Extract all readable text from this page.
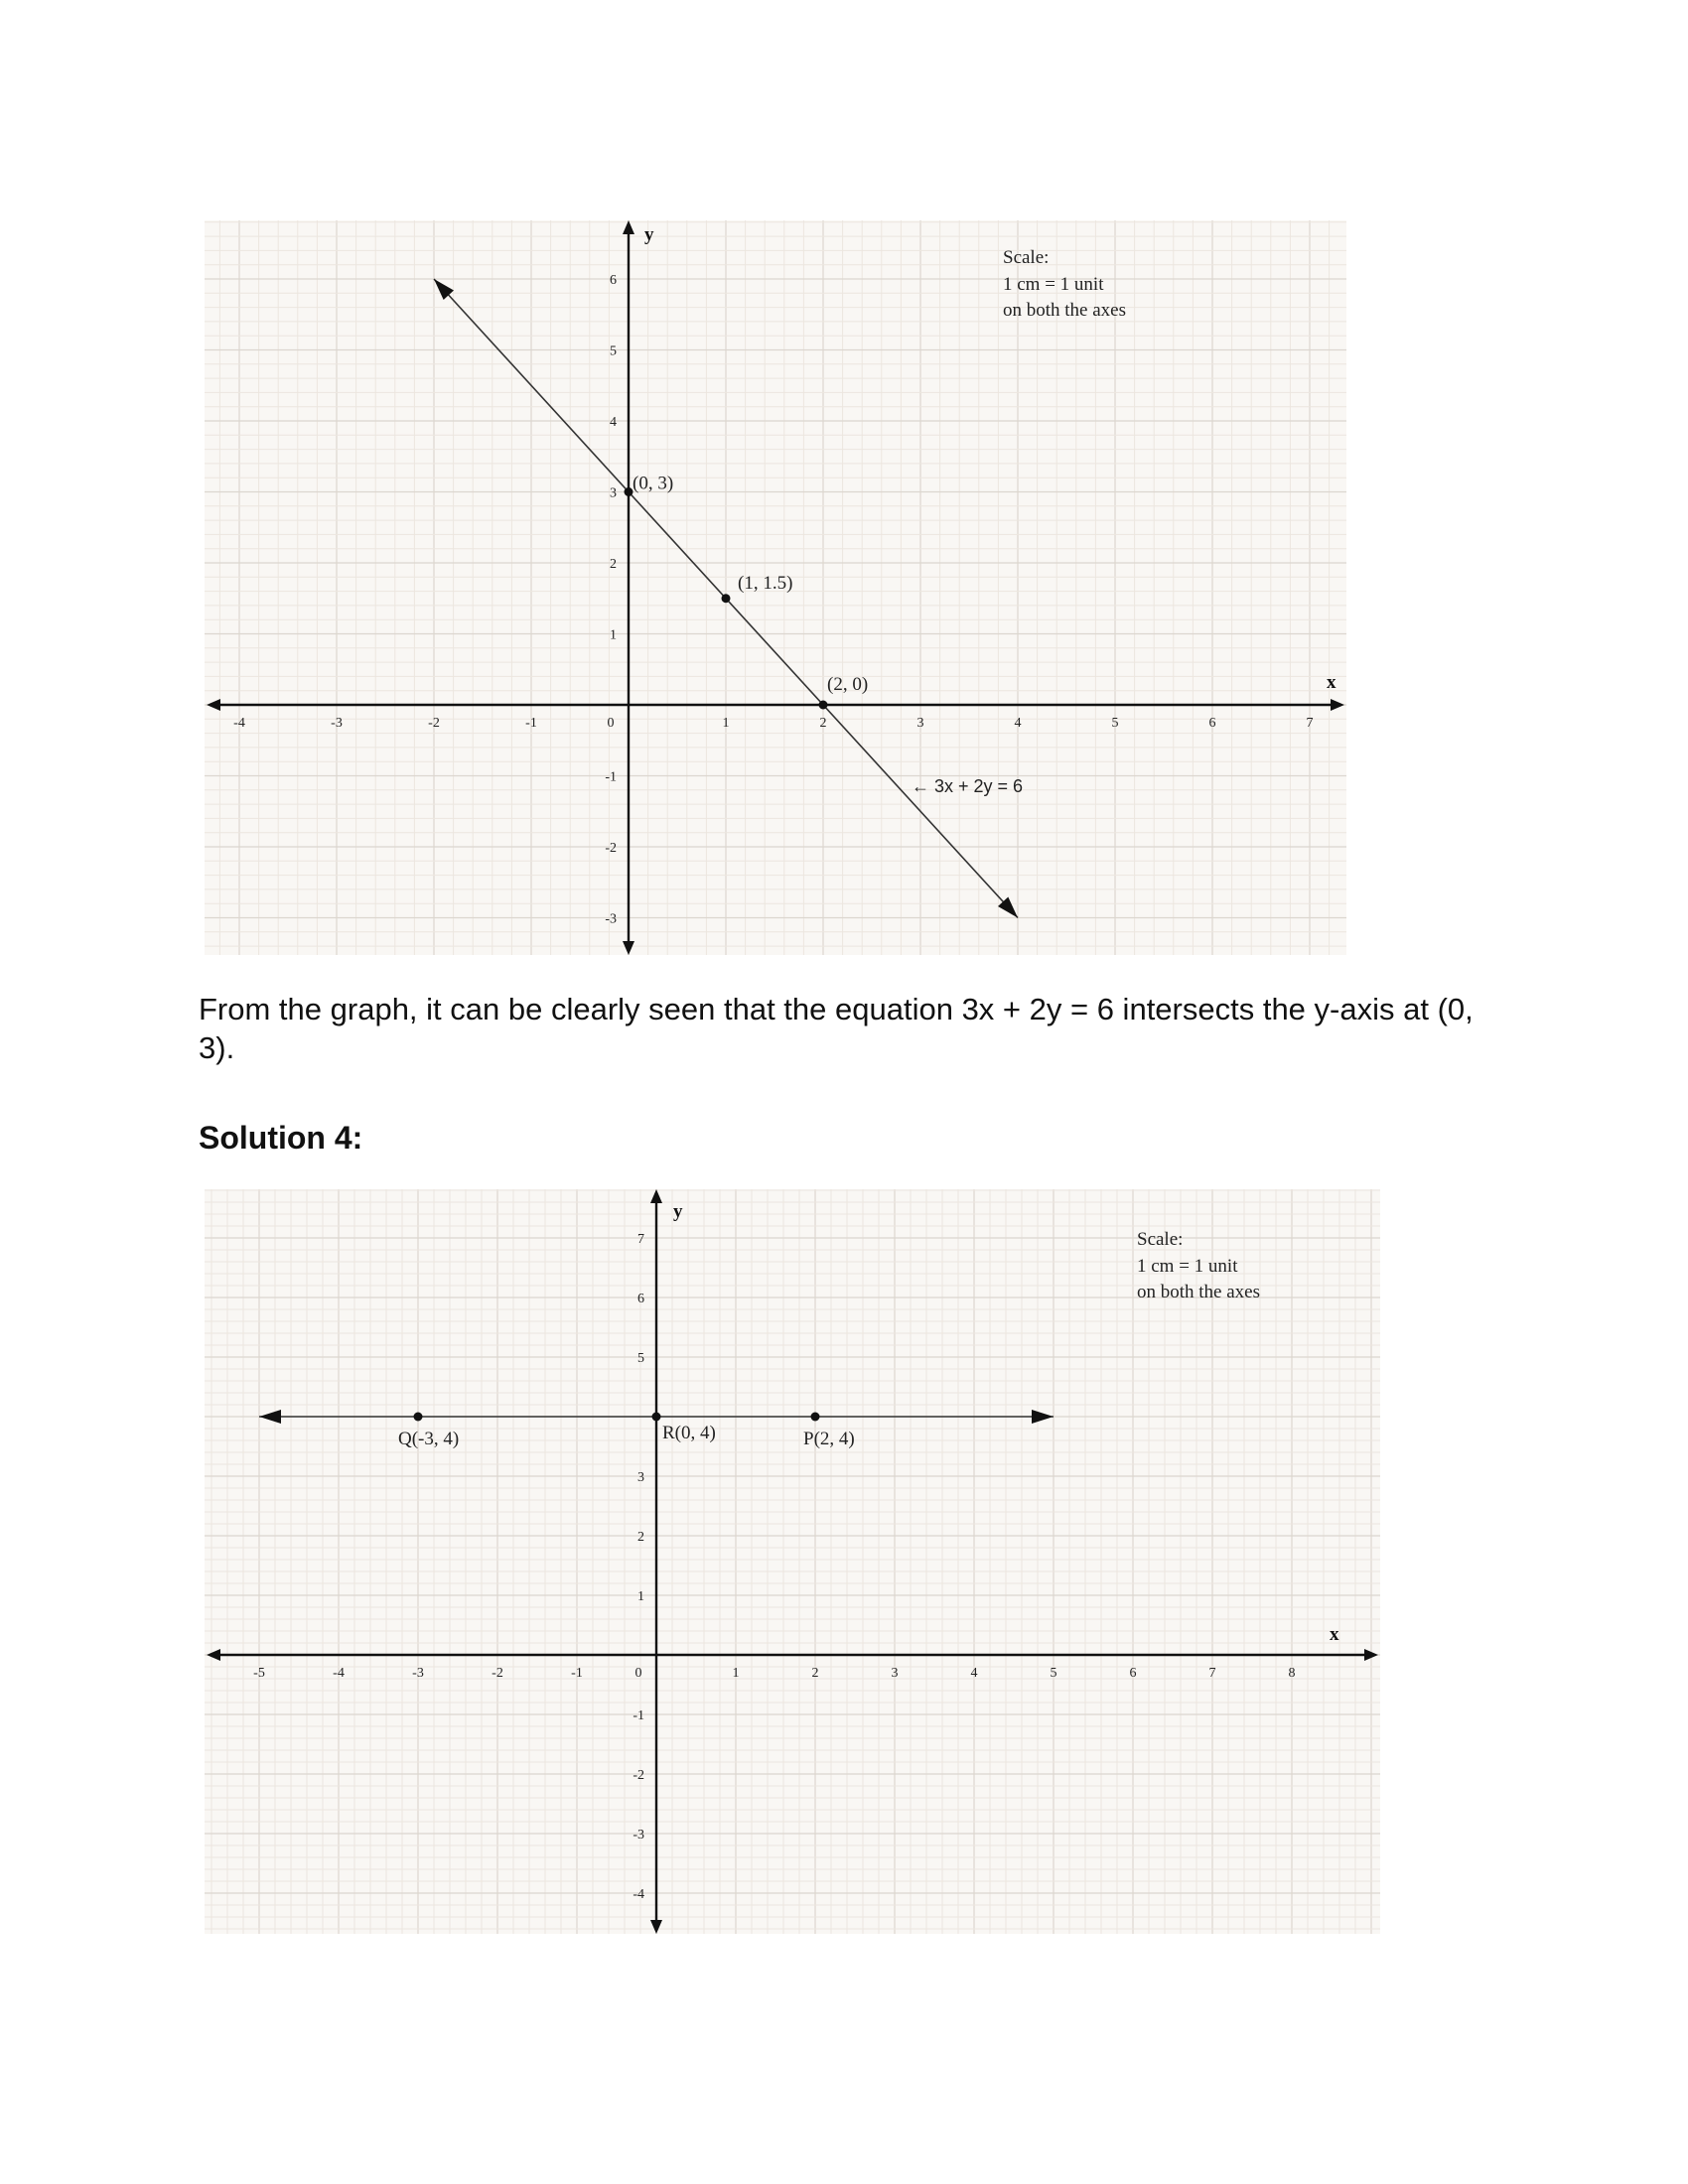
-4	-3	-2	-1	0	1	2	3	4	5	6	7
6
5
4
3
2
1
-1
-2
-3
(0, 3)
(1, 1.5)
(2, 0)	x
y
← 3x + 2y = 6
Scale:
1 cm = 1 unit
on both the axes

From the graph, it can be clearly seen that the equation 3x + 2y = 6 intersects the y-axis at (0, 3).

Solution 4:

-5	-4	-3	-2	-1	0	1	2	3	4	5	6	7	8
7
6
5
3
2
1
-1
-2
-3
-4
Q(-3, 4)	R(0, 4)	P(2, 4)
x
y
Scale:
1 cm = 1 unit
on both the axes
